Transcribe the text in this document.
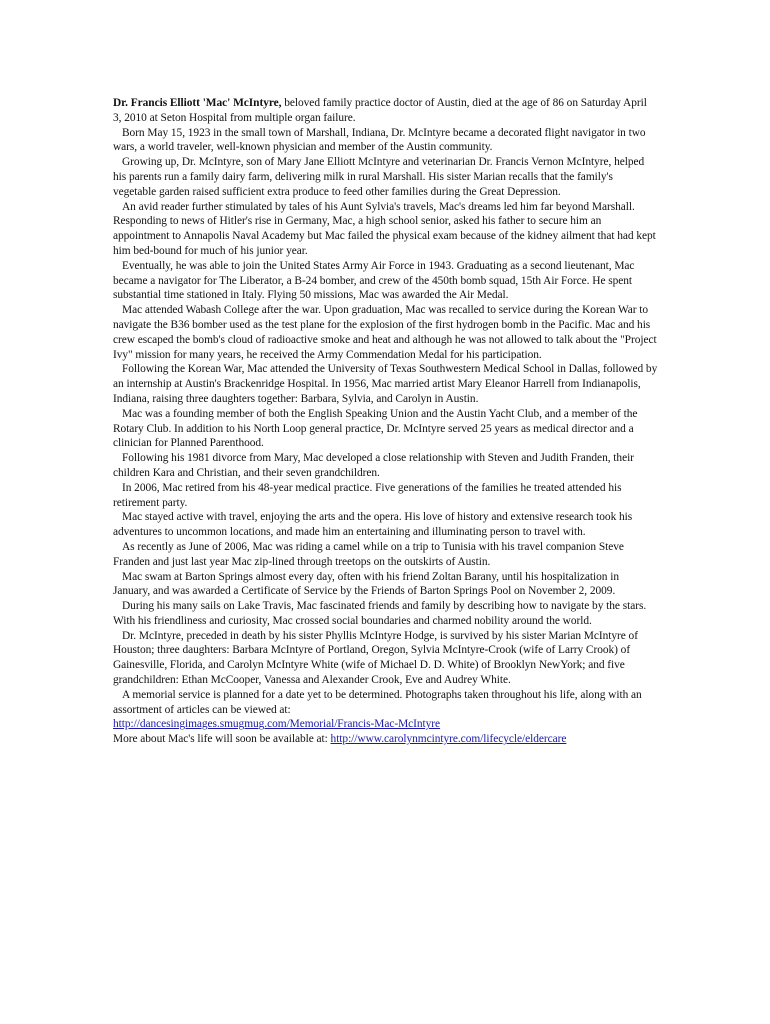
Dr. Francis Elliott 'Mac' McIntyre, beloved family practice doctor of Austin, died at the age of 86 on Saturday April 3, 2010 at Seton Hospital from multiple organ failure.

Born May 15, 1923 in the small town of Marshall, Indiana, Dr. McIntyre became a decorated flight navigator in two wars, a world traveler, well-known physician and member of the Austin community.

Growing up, Dr. McIntyre, son of Mary Jane Elliott McIntyre and veterinarian Dr. Francis Vernon McIntyre, helped his parents run a family dairy farm, delivering milk in rural Marshall. His sister Marian recalls that the family's vegetable garden raised sufficient extra produce to feed other families during the Great Depression.

An avid reader further stimulated by tales of his Aunt Sylvia's travels, Mac's dreams led him far beyond Marshall. Responding to news of Hitler's rise in Germany, Mac, a high school senior, asked his father to secure him an appointment to Annapolis Naval Academy but Mac failed the physical exam because of the kidney ailment that had kept him bed-bound for much of his junior year.

Eventually, he was able to join the United States Army Air Force in 1943. Graduating as a second lieutenant, Mac became a navigator for The Liberator, a B-24 bomber, and crew of the 450th bomb squad, 15th Air Force. He spent substantial time stationed in Italy. Flying 50 missions, Mac was awarded the Air Medal.

Mac attended Wabash College after the war. Upon graduation, Mac was recalled to service during the Korean War to navigate the B36 bomber used as the test plane for the explosion of the first hydrogen bomb in the Pacific. Mac and his crew escaped the bomb's cloud of radioactive smoke and heat and although he was not allowed to talk about the "Project Ivy" mission for many years, he received the Army Commendation Medal for his participation.

Following the Korean War, Mac attended the University of Texas Southwestern Medical School in Dallas, followed by an internship at Austin's Brackenridge Hospital. In 1956, Mac married artist Mary Eleanor Harrell from Indianapolis, Indiana, raising three daughters together: Barbara, Sylvia, and Carolyn in Austin.

Mac was a founding member of both the English Speaking Union and the Austin Yacht Club, and a member of the Rotary Club. In addition to his North Loop general practice, Dr. McIntyre served 25 years as medical director and a clinician for Planned Parenthood.

Following his 1981 divorce from Mary, Mac developed a close relationship with Steven and Judith Franden, their children Kara and Christian, and their seven grandchildren.

In 2006, Mac retired from his 48-year medical practice. Five generations of the families he treated attended his retirement party.

Mac stayed active with travel, enjoying the arts and the opera. His love of history and extensive research took his adventures to uncommon locations, and made him an entertaining and illuminating person to travel with.

As recently as June of 2006, Mac was riding a camel while on a trip to Tunisia with his travel companion Steve Franden and just last year Mac zip-lined through treetops on the outskirts of Austin.

Mac swam at Barton Springs almost every day, often with his friend Zoltan Barany, until his hospitalization in January, and was awarded a Certificate of Service by the Friends of Barton Springs Pool on November 2, 2009.

During his many sails on Lake Travis, Mac fascinated friends and family by describing how to navigate by the stars. With his friendliness and curiosity, Mac crossed social boundaries and charmed nobility around the world.

Dr. McIntyre, preceded in death by his sister Phyllis McIntyre Hodge, is survived by his sister Marian McIntyre of Houston; three daughters: Barbara McIntyre of Portland, Oregon, Sylvia McIntyre-Crook (wife of Larry Crook) of Gainesville, Florida, and Carolyn McIntyre White (wife of Michael D. D. White) of Brooklyn NewYork; and five grandchildren: Ethan McCooper, Vanessa and Alexander Crook, Eve and Audrey White.

A memorial service is planned for a date yet to be determined. Photographs taken throughout his life, along with an assortment of articles can be viewed at:

http://dancesingimages.smugmug.com/Memorial/Francis-Mac-McIntyre

More about Mac's life will soon be available at: http://www.carolynmcintyre.com/lifecycle/eldercare
